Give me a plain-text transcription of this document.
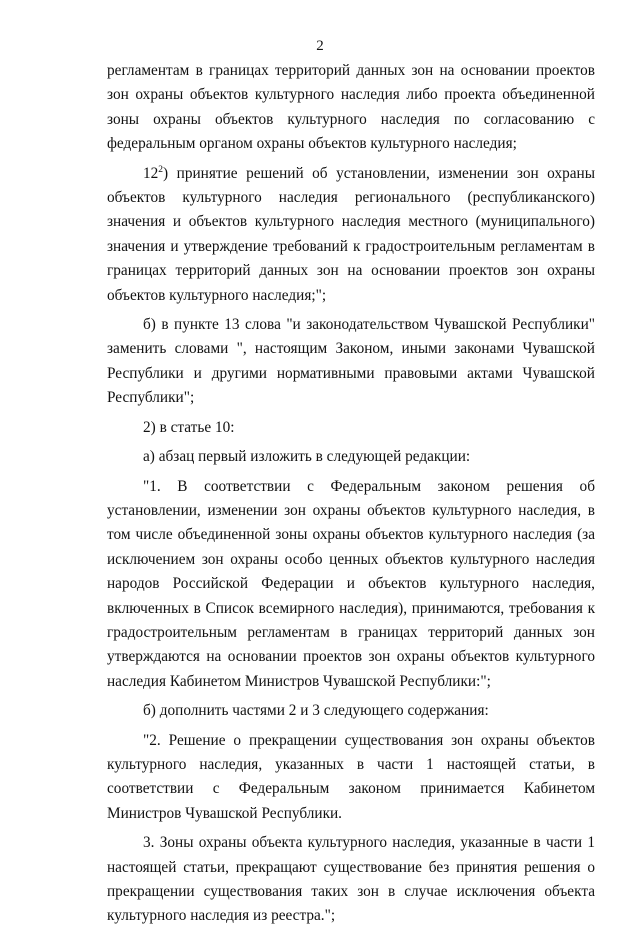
2

регламентам в границах территорий данных зон на основании проектов зон охраны объектов культурного наследия либо проекта объединенной зоны охраны объектов культурного наследия по согласованию с федеральным органом охраны объектов культурного наследия;

$12^2$) принятие решений об установлении, изменении зон охраны объектов культурного наследия регионального (республиканского) значения и объектов культурного наследия местного (муниципального) значения и утверждение требований к градостроительным регламентам в границах территорий данных зон на основании проектов зон охраны объектов культурного наследия;";

б) в пункте 13 слова "и законодательством Чувашской Республики" заменить словами ", настоящим Законом, иными законами Чувашской Республики и другими нормативными правовыми актами Чувашской Республики";

2) в статье 10:

а) абзац первый изложить в следующей редакции:

"1. В соответствии с Федеральным законом решения об установлении, изменении зон охраны объектов культурного наследия, в том числе объединенной зоны охраны объектов культурного наследия (за исключением зон охраны особо ценных объектов культурного наследия народов Российской Федерации и объектов культурного наследия, включенных в Список всемирного наследия), принимаются, требования к градостроительным регламентам в границах территорий данных зон утверждаются на основании проектов зон охраны объектов культурного наследия Кабинетом Министров Чувашской Республики:";

б) дополнить частями 2 и 3 следующего содержания:

"2. Решение о прекращении существования зон охраны объектов культурного наследия, указанных в части 1 настоящей статьи, в соответствии с Федеральным законом принимается Кабинетом Министров Чувашской Республики.

3. Зоны охраны объекта культурного наследия, указанные в части 1 настоящей статьи, прекращают существование без принятия решения о прекращении существования таких зон в случае исключения объекта культурного наследия из реестра.";
